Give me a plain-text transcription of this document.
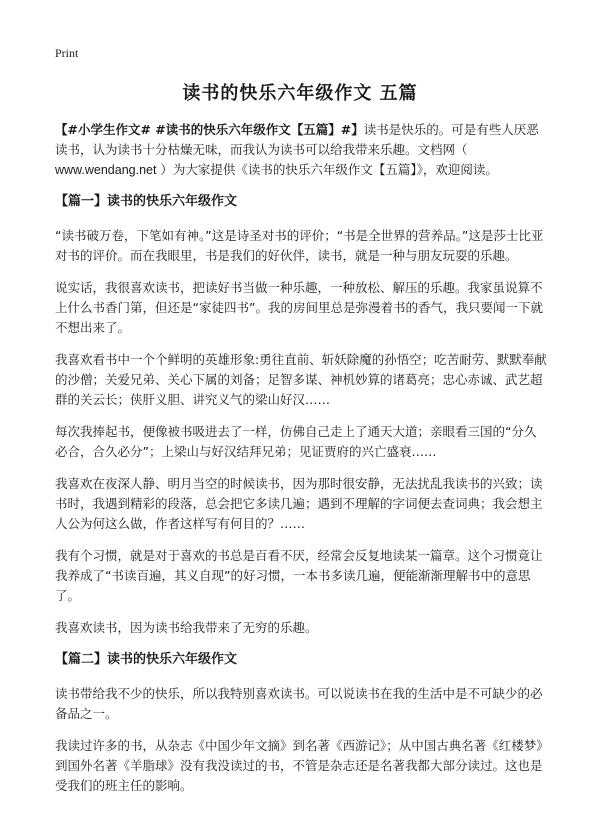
Print
读书的快乐六年级作文 五篇

【#小学生作文# #读书的快乐六年级作文【五篇】#】读书是快乐的。可是有些人厌恶读书，认为读书十分枯燥无味，而我认为读书可以给我带来乐趣。文档网（ www.wendang.net ）为大家提供《读书的快乐六年级作文【五篇】》，欢迎阅读。

【篇一】读书的快乐六年级作文

“读书破万卷，下笔如有神。”这是诗圣对书的评价；“书是全世界的营养品。”这是莎士比亚对书的评价。而在我眼里，书是我们的好伙伴，读书，就是一种与朋友玩耍的乐趣。

说实话，我很喜欢读书，把读好书当做一种乐趣，一种放松、解压的乐趣。我家虽说算不上什么书香门第，但还是“家徒四书”。我的房间里总是弥漫着书的香气，我只要闻一下就不想出来了。

我喜欢看书中一个个鲜明的英雄形象:勇往直前、斩妖除魔的孙悟空；吃苦耐劳、默默奉献的沙僧；关爱兄弟、关心下属的刘备；足智多谋、神机妙算的诸葛亮；忠心赤诚、武艺超群的关云长；侠肝义胆、讲究义气的梁山好汉……

每次我捧起书，便像被书吸进去了一样，仿佛自己走上了通天大道；亲眼看三国的“分久必合，合久必分”；上梁山与好汉结拜兄弟；见证贾府的兴亡盛衰……

我喜欢在夜深人静、明月当空的时候读书，因为那时很安静，无法扰乱我读书的兴致；读书时，我遇到精彩的段落，总会把它多读几遍；遇到不理解的字词便去查词典；我会想主人公为何这么做，作者这样写有何目的？……

我有个习惯，就是对于喜欢的书总是百看不厌，经常会反复地读某一篇章。这个习惯竟让我养成了“书读百遍，其义自现”的好习惯，一本书多读几遍，便能渐渐理解书中的意思了。

我喜欢读书，因为读书给我带来了无穷的乐趣。

【篇二】读书的快乐六年级作文

读书带给我不少的快乐，所以我特别喜欢读书。可以说读书在我的生活中是不可缺少的必备品之一。

我读过许多的书，从杂志《中国少年文摘》到名著《西游记》；从中国古典名著《红楼梦》到国外名著《羊脂球》没有我没读过的书，不管是杂志还是名著我都大部分读过。这也是受我们的班主任的影响。
